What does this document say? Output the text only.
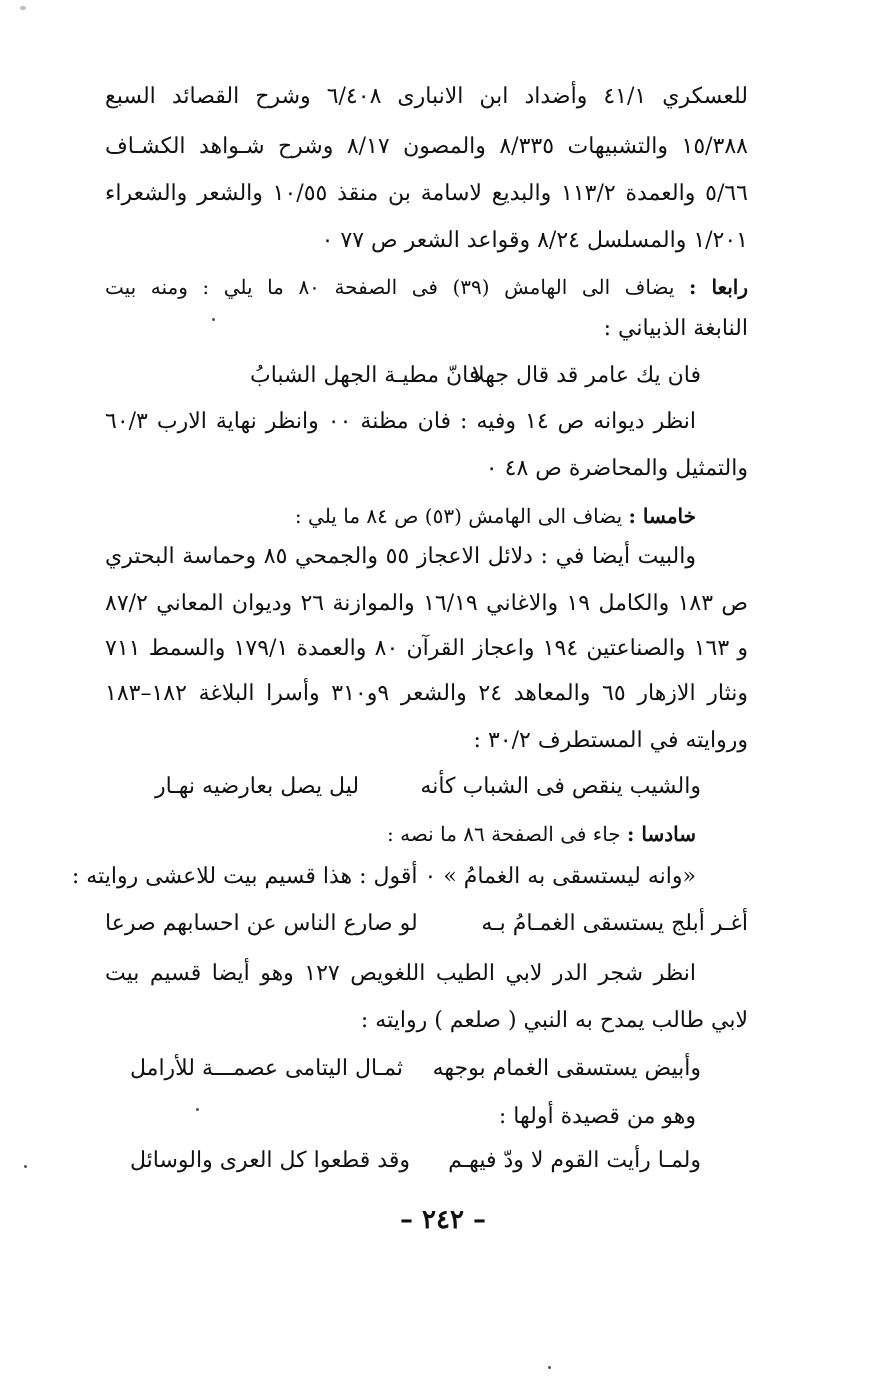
للعسكري ٤١/١ وأضداد ابن الانبارى ٦/٤٠٨ وشرح القصائد السبع
١٥/٣٨٨ والتشبيهات ٨/٣٣٥ والمصون ٨/١٧ وشرح شـواهد الكشـاف
٥/٦٦ والعمدة ١١٣/٢ والبديع لاسامة بن منقذ ١٠/٥٥ والشعر والشعراء
١/٢٠١ والمسلسل ٨/٢٤ وقواعد الشعر ص ٧٧ ٠
رابعا : يضاف الى الهامش (٣٩) فى الصفحة ٨٠ ما يلي : ومنه بيت
النابغة الذبياني :
فان يك عامر قد قال جهلا
فانّ مطيـة الجهل الشبابُ
انظر ديوانه ص ١٤ وفيه : فان مظنة ٠٠ وانظر نهاية الارب ٦٠/٣
والتمثيل والمحاضرة ص ٤٨ ٠
خامسا : يضاف الى الهامش (٥٣) ص ٨٤ ما يلي :
والبيت أيضا في : دلائل الاعجاز ٥٥ والجمحي ٨٥ وحماسة البحتري
ص ١٨٣ والكامل ١٩ والاغاني ١٦/١٩ والموازنة ٢٦ وديوان المعاني ٨٧/٢
و ١٦٣ والصناعتين ١٩٤ واعجاز القرآن ٨٠ والعمدة ١٧٩/١ والسمط ٧١١
ونثار الازهار ٦٥ والمعاهد ٢٤ والشعر ٩و٣١٠ وأسرا البلاغة ١٨٢–١٨٣
وروايته في المستطرف ٣٠/٢ :
والشيب ينقص فى الشباب كأنه
ليل يصل بعارضيه نهـار
سادسا : جاء فى الصفحة ٨٦ ما نصه :
«وانه ليستسقى به الغمامُ » ٠ أقول : هذا قسيم بيت للاعشى روايته :
أغـر أبلج يستسقى الغمـامُ بـه
لو صارع الناس عن احسابهم صرعا
انظر شجر الدر لابي الطيب اللغويص ١٢٧ وهو أيضا قسيم بيت
لابي طالب يمدح به النبي ( صلعم ) روايته :
وأبيض يستسقى الغمام بوجهه
ثمـال اليتامى عصمـــة للأرامل
وهو من قصيدة أولها :
ولمـا رأيت القوم لا ودّ فيهـم
وقد قطعوا كل العرى والوسائل
– ٢٤٢ –
